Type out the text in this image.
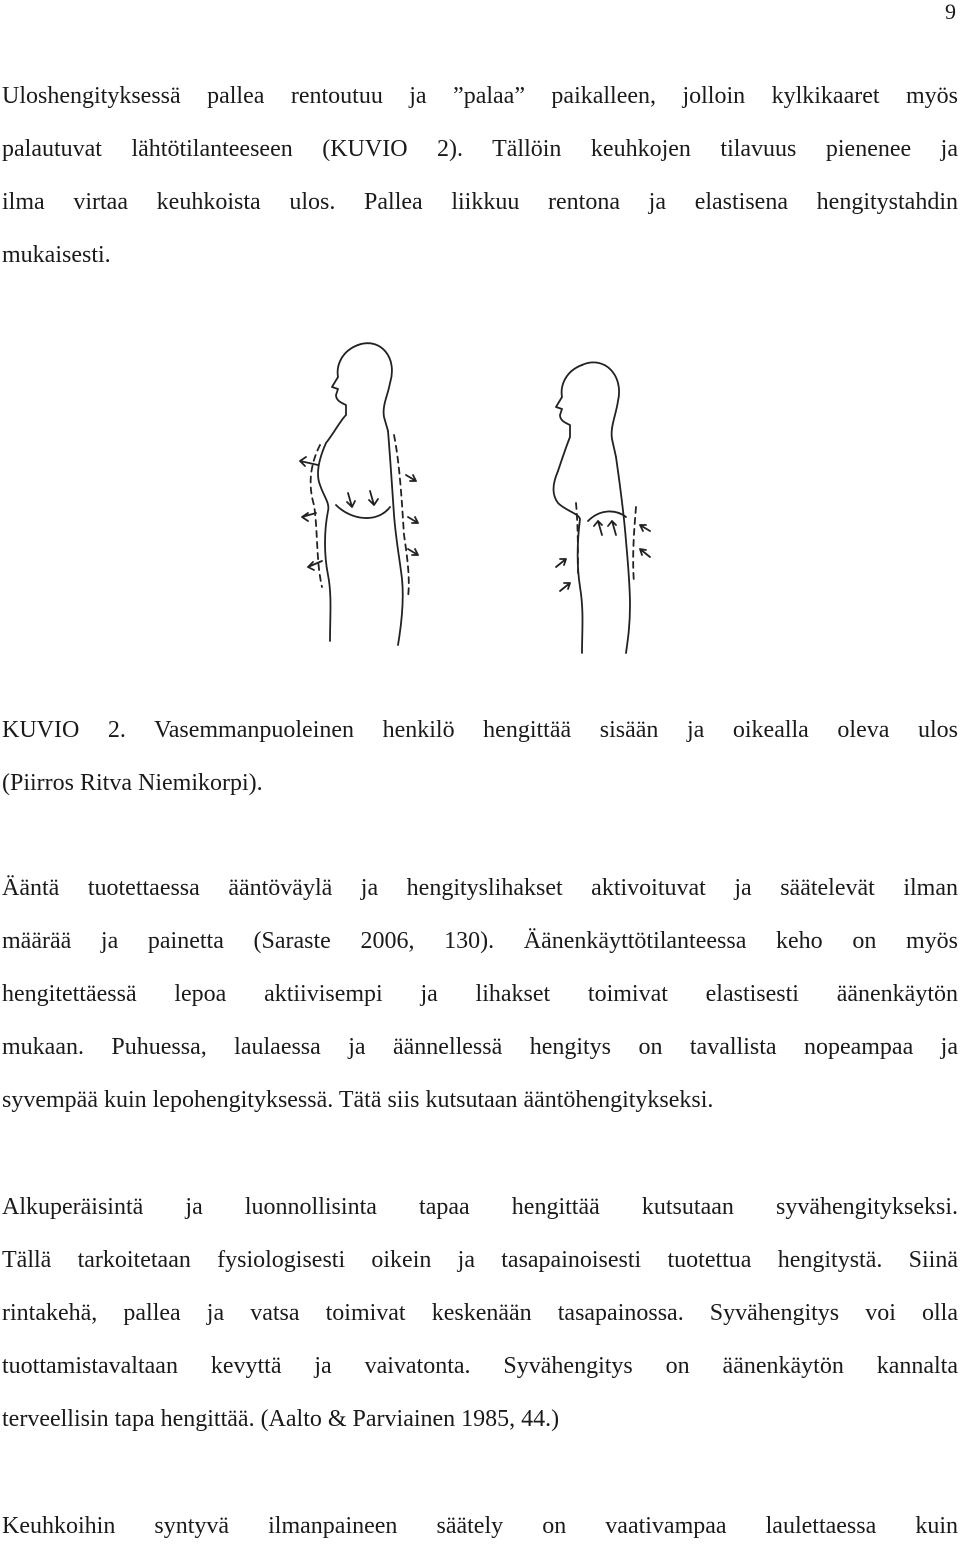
9
Uloshengityksessä pallea rentoutuu ja ”palaa” paikalleen, jolloin kylkikaaret myös
palautuvat lähtötilanteeseen (KUVIO 2). Tällöin keuhkojen tilavuus pienenee ja
ilma virtaa keuhkoista ulos. Pallea liikkuu rentona ja elastisena hengitystahdin
mukaisesti.
KUVIO 2. Vasemmanpuoleinen henkilö hengittää sisään ja oikealla oleva ulos
(Piirros Ritva Niemikorpi).
Ääntä tuotettaessa ääntöväylä ja hengityslihakset aktivoituvat ja säätelevät ilman
määrää ja painetta (Saraste 2006, 130). Äänenkäyttötilanteessa keho on myös
hengitettäessä lepoa aktiivisempi ja lihakset toimivat elastisesti äänenkäytön
mukaan. Puhuessa, laulaessa ja äännellessä hengitys on tavallista nopeampaa ja
syvempää kuin lepohengityksessä. Tätä siis kutsutaan ääntöhengitykseksi.
Alkuperäisintä ja luonnollisinta tapaa hengittää kutsutaan syvähengitykseksi.
Tällä tarkoitetaan fysiologisesti oikein ja tasapainoisesti tuotettua hengitystä. Siinä
rintakehä, pallea ja vatsa toimivat keskenään tasapainossa. Syvähengitys voi olla
tuottamistavaltaan kevyttä ja vaivatonta. Syvähengitys on äänenkäytön kannalta
terveellisin tapa hengittää. (Aalto & Parviainen 1985, 44.)
Keuhkoihin syntyvä ilmanpaineen säätely on vaativampaa laulettaessa kuin
